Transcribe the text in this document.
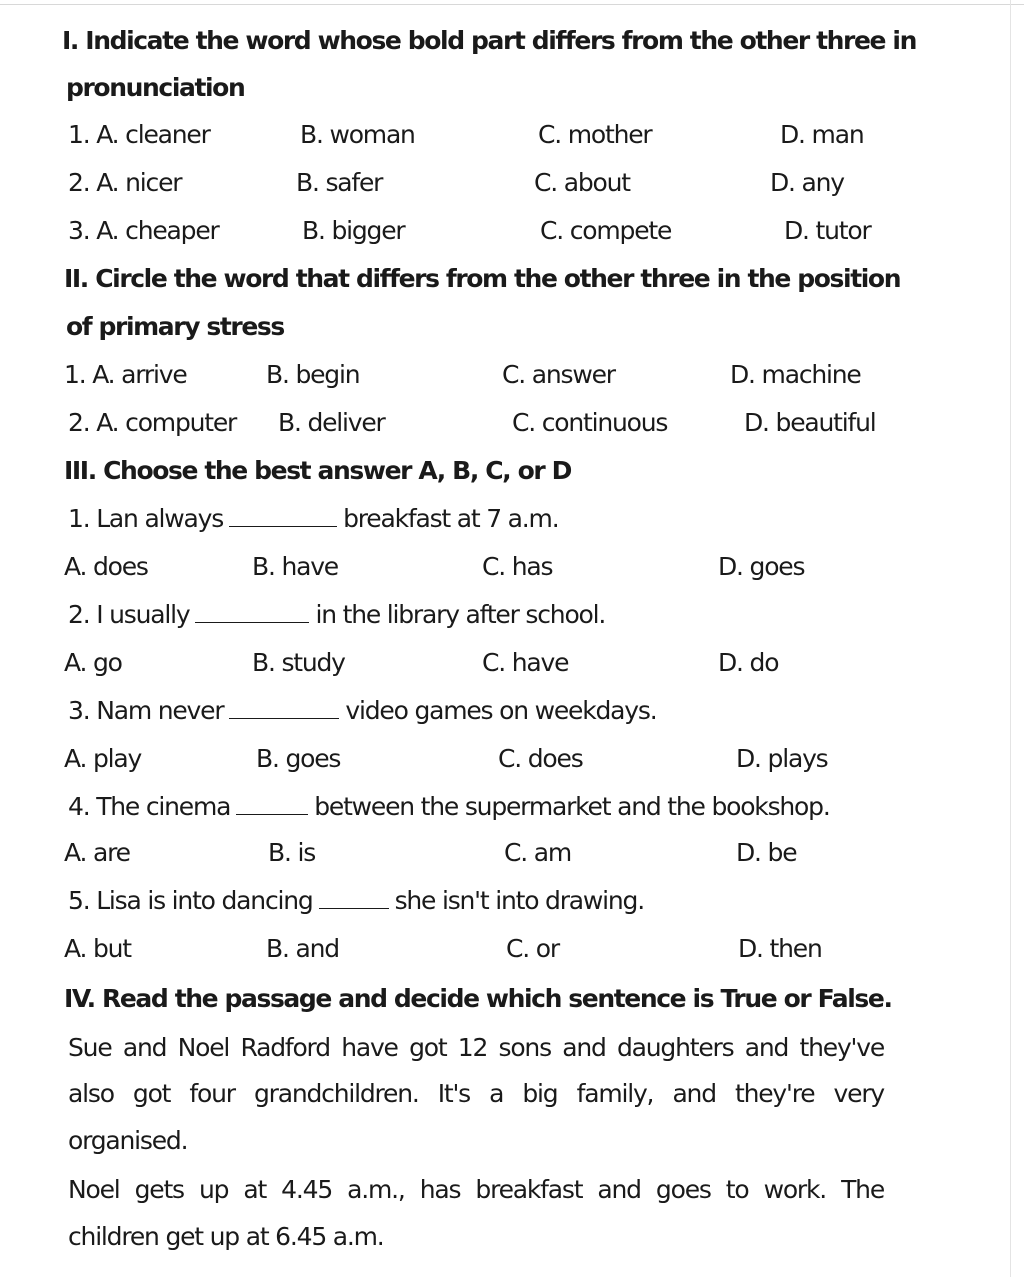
I. Indicate the word whose bold part differs from the other three in
pronunciation
1. A. cleaner	B. woman	C. mother	D. man
2. A. nicer	B. safer	C. about	D. any
3. A. cheaper	B. bigger	C. compete	D. tutor
II. Circle the word that differs from the other three in the position
of primary stress
1. A. arrive	B. begin	C. answer	D. machine
2. A. computer B. deliver	C. continuous	D. beautiful
III. Choose the best answer A, B, C, or D
1. Lan always	breakfast at 7 a.m.
A. does	B. have	C. has	D. goes
2. I usually	in the library after school.
A. go	B. study	C. have	D. do
3. Nam never	video games on weekdays.
A. play	B. goes	C. does	D. plays
4. The cinema	between the supermarket and the bookshop.
A. are	B. is	C. am	D. be
5. Lisa is into dancing	she isn't into drawing.
A. but	B. and	C. or	D. then
IV. Read the passage and decide which sentence is True or False.
Sue and Noel Radford have got 12 sons and daughters and they've
also got four grandchildren. It's a big family, and they're very
organised.
Noel gets up at 4.45 a.m., has breakfast and goes to work. The
children get up at 6.45 a.m.
